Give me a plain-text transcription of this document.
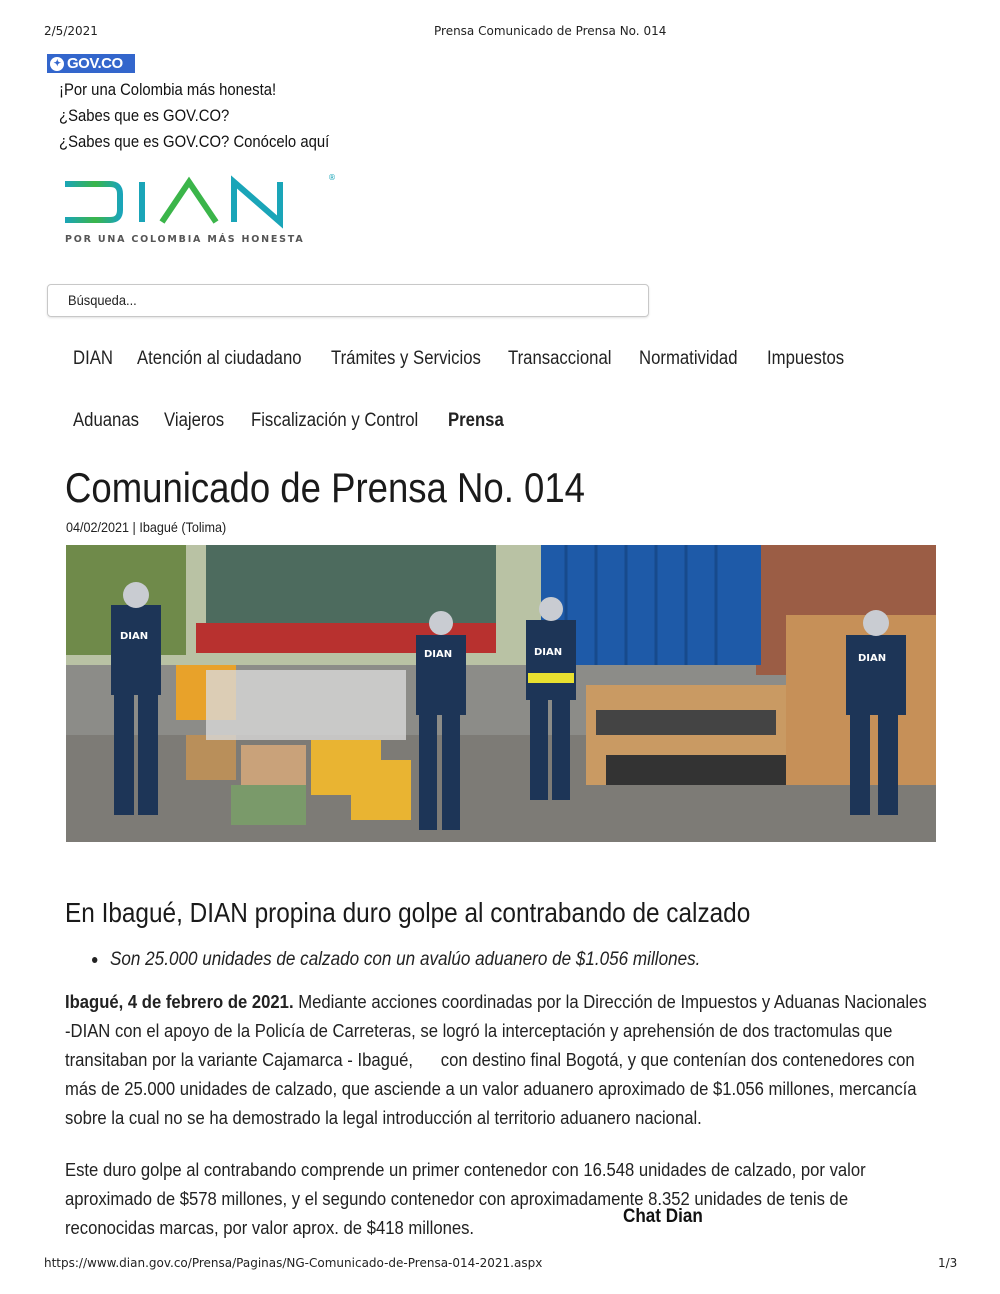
2/5/2021	Prensa Comunicado de Prensa No. 014
✦ GOV.CO
¡Por una Colombia más honesta!
¿Sabes que es GOV.CO?
¿Sabes que es GOV.CO? Conócelo aquí
®
POR UNA COLOMBIA MÁS HONESTA
Búsqueda...
DIAN Atención al ciudadano Trámites y Servicios Transaccional Normatividad Impuestos
Aduanas Viajeros Fiscalización y Control Prensa
Comunicado de Prensa No. 014
04/02/2021 | Ibagué (Tolima)
DIAN
DIAN	DIAN
DIAN
En Ibagué, DIAN propina duro golpe al contrabando de calzado
Son 25.000 unidades de calzado con un avalúo aduanero de $1.056 millones.
Ibagué, 4 de febrero de 2021. Mediante acciones coordinadas por la Dirección de Impuestos y Aduanas Nacionales -DIAN con el apoyo de la Policía de Carreteras, se logró la interceptación y aprehensión de dos tractomulas que transitaban por la variante Cajamarca - Ibagué,      con destino final Bogotá, y que contenían dos contenedores con más de 25.000 unidades de calzado, que asciende a un valor aduanero aproximado de $1.056 millones, mercancía sobre la cual no se ha demostrado la legal introducción al territorio aduanero nacional.
Este duro golpe al contrabando comprende un primer contenedor con 16.548 unidades de calzado, por valor aproximado de $578 millones, y el segundo contenedor con aproximadamente 8.352 unidades de tenis de reconocidas marcas, por valor aprox. de $418 millones.
Chat Dian
https://www.dian.gov.co/Prensa/Paginas/NG-Comunicado-de-Prensa-014-2021.aspx	1/3
